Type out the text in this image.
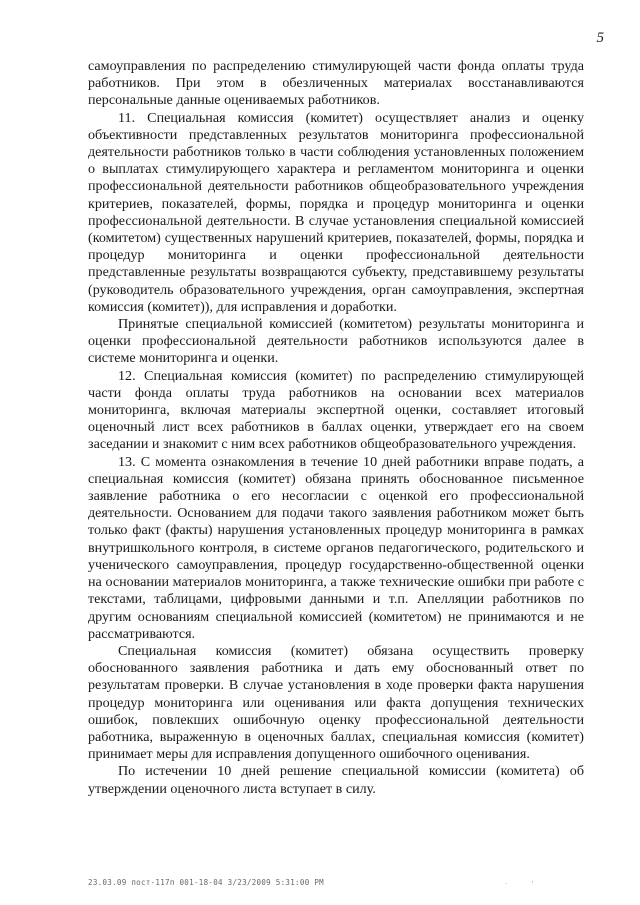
5

самоуправления по распределению стимулирующей части фонда оплаты труда работников. При этом в обезличенных материалах восстанавливаются персональные данные оцениваемых работников.

11. Специальная комиссия (комитет) осуществляет анализ и оценку объективности представленных результатов мониторинга профессиональной деятельности работников только в части соблюдения установленных положением о выплатах стимулирующего характера и регламентом мониторинга и оценки профессиональной деятельности работников общеобразовательного учреждения критериев, показателей, формы, порядка и процедур мониторинга и оценки профессиональной деятельности. В случае установления специальной комиссией (комитетом) существенных нарушений критериев, показателей, формы, порядка и процедур мониторинга и оценки профессиональной деятельности представленные результаты возвращаются субъекту, представившему результаты (руководитель образовательного учреждения, орган самоуправления, экспертная комиссия (комитет)), для исправления и доработки.

Принятые специальной комиссией (комитетом) результаты мониторинга и оценки профессиональной деятельности работников используются далее в системе мониторинга и оценки.

12. Специальная комиссия (комитет) по распределению стимулирующей части фонда оплаты труда работников на основании всех материалов мониторинга, включая материалы экспертной оценки, составляет итоговый оценочный лист всех работников в баллах оценки, утверждает его на своем заседании и знакомит с ним всех работников общеобразовательного учреждения.

13. С момента ознакомления в течение 10 дней работники вправе подать, а специальная комиссия (комитет) обязана принять обоснованное письменное заявление работника о его несогласии с оценкой его профессиональной деятельности. Основанием для подачи такого заявления работником может быть только факт (факты) нарушения установленных процедур мониторинга в рамках внутришкольного контроля, в системе органов педагогического, родительского и ученического самоуправления, процедур государственно-общественной оценки на основании материалов мониторинга, а также технические ошибки при работе с текстами, таблицами, цифровыми данными и т.п. Апелляции работников по другим основаниям специальной комиссией (комитетом) не принимаются и не рассматриваются.

Специальная комиссия (комитет) обязана осуществить проверку обоснованного заявления работника и дать ему обоснованный ответ по результатам проверки. В случае установления в ходе проверки факта нарушения процедур мониторинга или оценивания или факта допущения технических ошибок, повлекших ошибочную оценку профессиональной деятельности работника, выраженную в оценочных баллах, специальная комиссия (комитет) принимает меры для исправления допущенного ошибочного оценивания.

По истечении 10 дней решение специальной комиссии (комитета) об утверждении оценочного листа вступает в силу.

23.03.09 пост-117п 001-18-04 3/23/2009 5:31:00 PM	·              '
